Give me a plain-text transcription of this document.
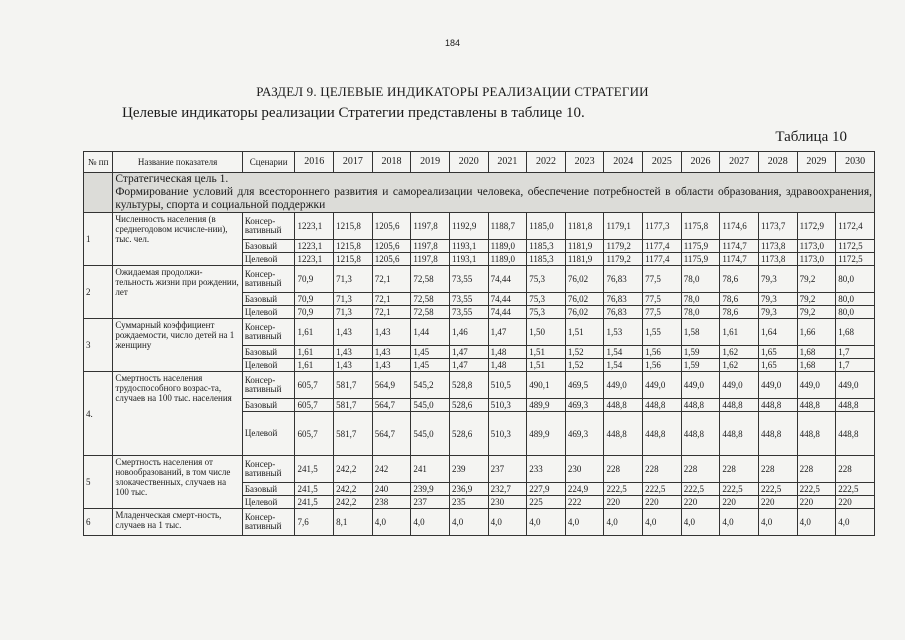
184
РАЗДЕЛ 9. ЦЕЛЕВЫЕ ИНДИКАТОРЫ РЕАЛИЗАЦИИ СТРАТЕГИИ
Целевые индикаторы реализации Стратегии представлены в таблице 10.
Таблица 10
№ пп	Название показателя	Сценарии	2016	2017	2018	2019	2020	2021	2022	2023	2024	2025	2026	2027	2028	2029	2030

	Стратегическая цель 1.
Формирование условий для всестороннего развития и самореализации человека, обеспечение потребностей в области образования, здравоохранения, культуры, спорта и социальной поддержки																

1	Численность населения (в среднегодовом исчисле-нии), тыс. чел.	Консер-вативный	1223,1	1215,8	1205,6	1197,8	1192,9	1188,7	1185,0	1181,8	1179,1	1177,3	1175,8	1174,6	1173,7	1172,9	1172,4
		Базовый	1223,1	1215,8	1205,6	1197,8	1193,1	1189,0	1185,3	1181,9	1179,2	1177,4	1175,9	1174,7	1173,8	1173,0	1172,5
		Целевой	1223,1	1215,8	1205,6	1197,8	1193,1	1189,0	1185,3	1181,9	1179,2	1177,4	1175,9	1174,7	1173,8	1173,0	1172,5
2	Ожидаемая продолжи-тельность жизни при рождении, лет	Консер-вативный	70,9	71,3	72,1	72,58	73,55	74,44	75,3	76,02	76,83	77,5	78,0	78,6	79,3	79,2	80,0
		Базовый	70,9	71,3	72,1	72,58	73,55	74,44	75,3	76,02	76,83	77,5	78,0	78,6	79,3	79,2	80,0
		Целевой	70,9	71,3	72,1	72,58	73,55	74,44	75,3	76,02	76,83	77,5	78,0	78,6	79,3	79,2	80,0
3	Суммарный коэффициент рождаемости, число детей на 1 женщину	Консер-вативный	1,61	1,43	1,43	1,44	1,46	1,47	1,50	1,51	1,53	1,55	1,58	1,61	1,64	1,66	1,68
		Базовый	1,61	1,43	1,43	1,45	1,47	1,48	1,51	1,52	1,54	1,56	1,59	1,62	1,65	1,68	1,7
		Целевой	1,61	1,43	1,43	1,45	1,47	1,48	1,51	1,52	1,54	1,56	1,59	1,62	1,65	1,68	1,7
4.	Смертность населения трудоспособного возрас-та, случаев на 100 тыс. населения	Консер-вативный	605,7	581,7	564,9	545,2	528,8	510,5	490,1	469,5	449,0	449,0	449,0	449,0	449,0	449,0	449,0
		Базовый	605,7	581,7	564,7	545,0	528,6	510,3	489,9	469,3	448,8	448,8	448,8	448,8	448,8	448,8	448,8
		Целевой	605,7	581,7	564,7	545,0	528,6	510,3	489,9	469,3	448,8	448,8	448,8	448,8	448,8	448,8	448,8
5	Смертность населения от новообразований, в том числе злокачественных, случаев на 100 тыс.	Консер-вативный	241,5	242,2	242	241	239	237	233	230	228	228	228	228	228	228	228
		Базовый	241,5	242,2	240	239,9	236,9	232,7	227,9	224,9	222,5	222,5	222,5	222,5	222,5	222,5	222,5
		Целевой	241,5	242,2	238	237	235	230	225	222	220	220	220	220	220	220	220
6	Младенческая смерт-ность, случаев на 1 тыс.	Консер-вативный	7,6	8,1	4,0	4,0	4,0	4,0	4,0	4,0	4,0	4,0	4,0	4,0	4,0	4,0	4,0
